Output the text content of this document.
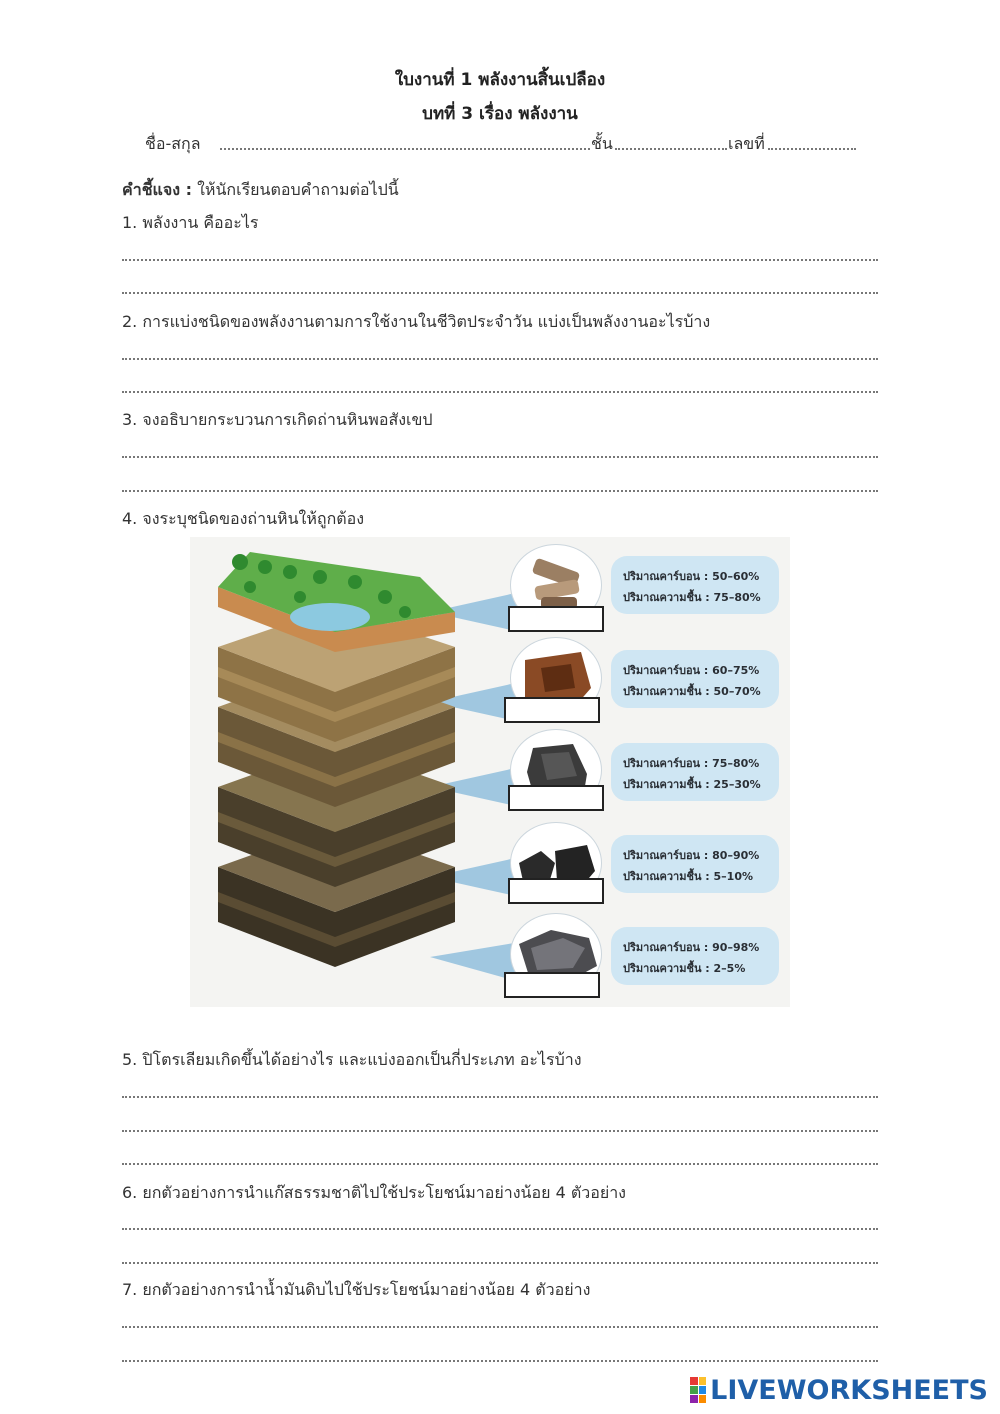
ใบงานที่ 1 พลังงานสิ้นเปลือง
บทที่ 3 เรื่อง พลังงาน
ชื่อ-สกุล	ชั้น	เลขที่
คำชี้แจง : ให้นักเรียนตอบคำถามต่อไปนี้
1. พลังงาน คืออะไร
2. การแบ่งชนิดของพลังงานตามการใช้งานในชีวิตประจำวัน แบ่งเป็นพลังงานอะไรบ้าง
3. จงอธิบายกระบวนการเกิดถ่านหินพอสังเขป
4. จงระบุชนิดของถ่านหินให้ถูกต้อง
ปริมาณคาร์บอน : 50–60%
ปริมาณความชื้น : 75–80%
ปริมาณคาร์บอน : 60–75%
ปริมาณความชื้น : 50–70%
ปริมาณคาร์บอน : 75–80%
ปริมาณความชื้น : 25–30%
ปริมาณคาร์บอน : 80–90%
ปริมาณความชื้น : 5–10%
ปริมาณคาร์บอน : 90–98%
ปริมาณความชื้น : 2–5%
5. ปิโตรเลียมเกิดขึ้นได้อย่างไร และแบ่งออกเป็นกี่ประเภท อะไรบ้าง
6. ยกตัวอย่างการนำแก๊สธรรมชาติไปใช้ประโยชน์มาอย่างน้อย 4 ตัวอย่าง
7. ยกตัวอย่างการนำน้ำมันดิบไปใช้ประโยชน์มาอย่างน้อย 4 ตัวอย่าง
LIVEWORKSHEETS
